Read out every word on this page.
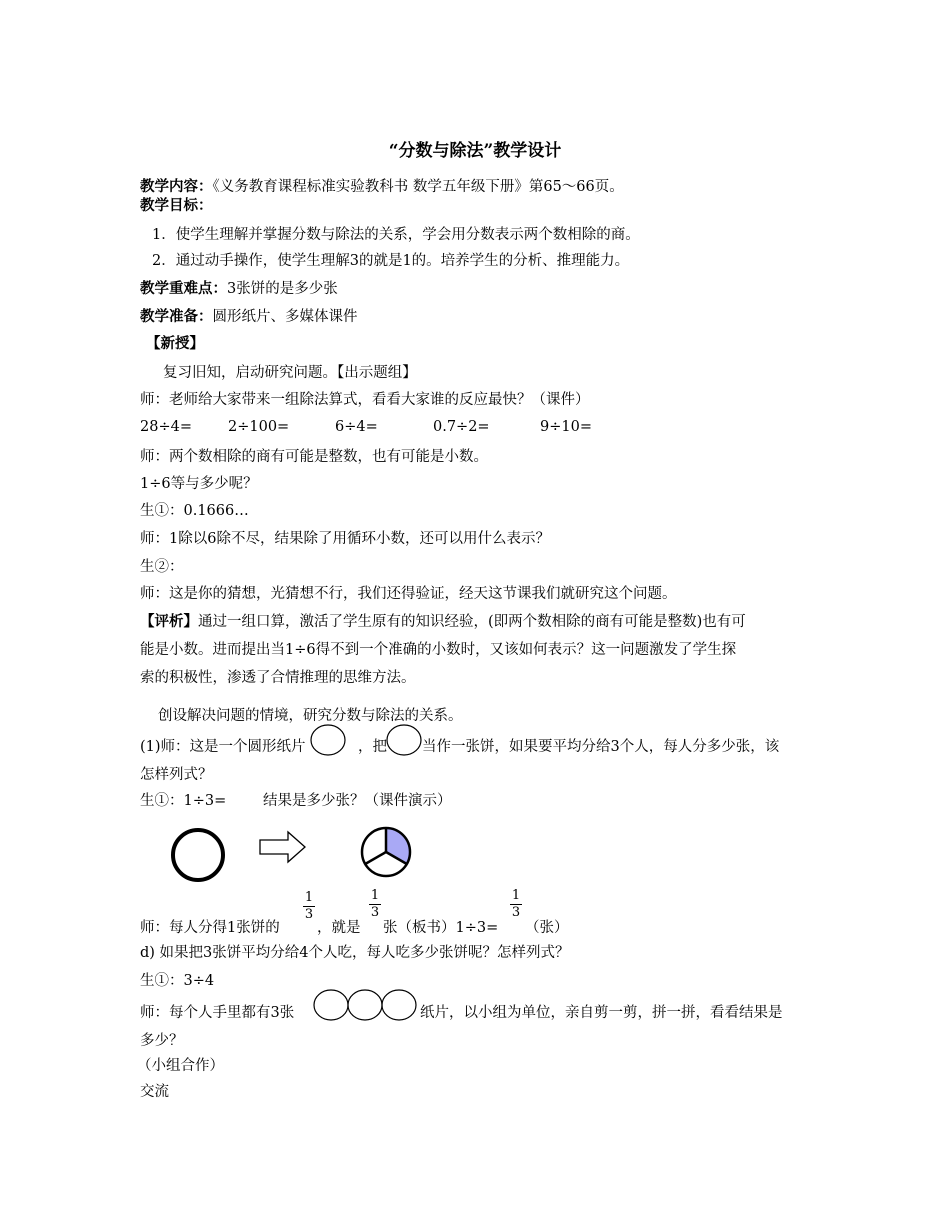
“分数与除法”教学设计
教学内容：《义务教育课程标准实验教科书 数学五年级下册》第65～66页。
教学目标：
1．使学生理解并掌握分数与除法的关系，学会用分数表示两个数相除的商。
2．通过动手操作，使学生理解3的就是1的。培养学生的分析、推理能力。
教学重难点：3张饼的是多少张
教学准备：圆形纸片、多媒体课件
【新授】
复习旧知，启动研究问题。【出示题组】
师：老师给大家带来一组除法算式，看看大家谁的反应最快？（课件）
28÷4= 2÷100=	6÷4=	0.7÷2=	9÷10=
师：两个数相除的商有可能是整数，也有可能是小数。
1÷6等与多少呢？
生①：0.1666…
师：1除以6除不尽，结果除了用循环小数，还可以用什么表示？
生②：
师：这是你的猜想，光猜想不行，我们还得验证，经天这节课我们就研究这个问题。
【评析】通过一组口算，激活了学生原有的知识经验，(即两个数相除的商有可能是整数)也有可
能是小数。进而提出当1÷6得不到一个准确的小数时，又该如何表示？这一问题激发了学生探
索的积极性，渗透了合情推理的思维方法。
创设解决问题的情境，研究分数与除法的关系。
(1)师：这是一个圆形纸片	，把 当作一张饼，如果要平均分给3个人，每人分多少张，该
怎样列式？
生①：1÷3=	结果是多少张？（课件演示）
1
3
1
3
1
3
师：每人分得1张饼的	，就是 张（板书）1÷3= （张）
d) 如果把3张饼平均分给4个人吃，每人吃多少张饼呢？怎样列式？
生①：3÷4
师：每个人手里都有3张	纸片，以小组为单位，亲自剪一剪，拼一拼，看看结果是
多少？
（小组合作）
交流
